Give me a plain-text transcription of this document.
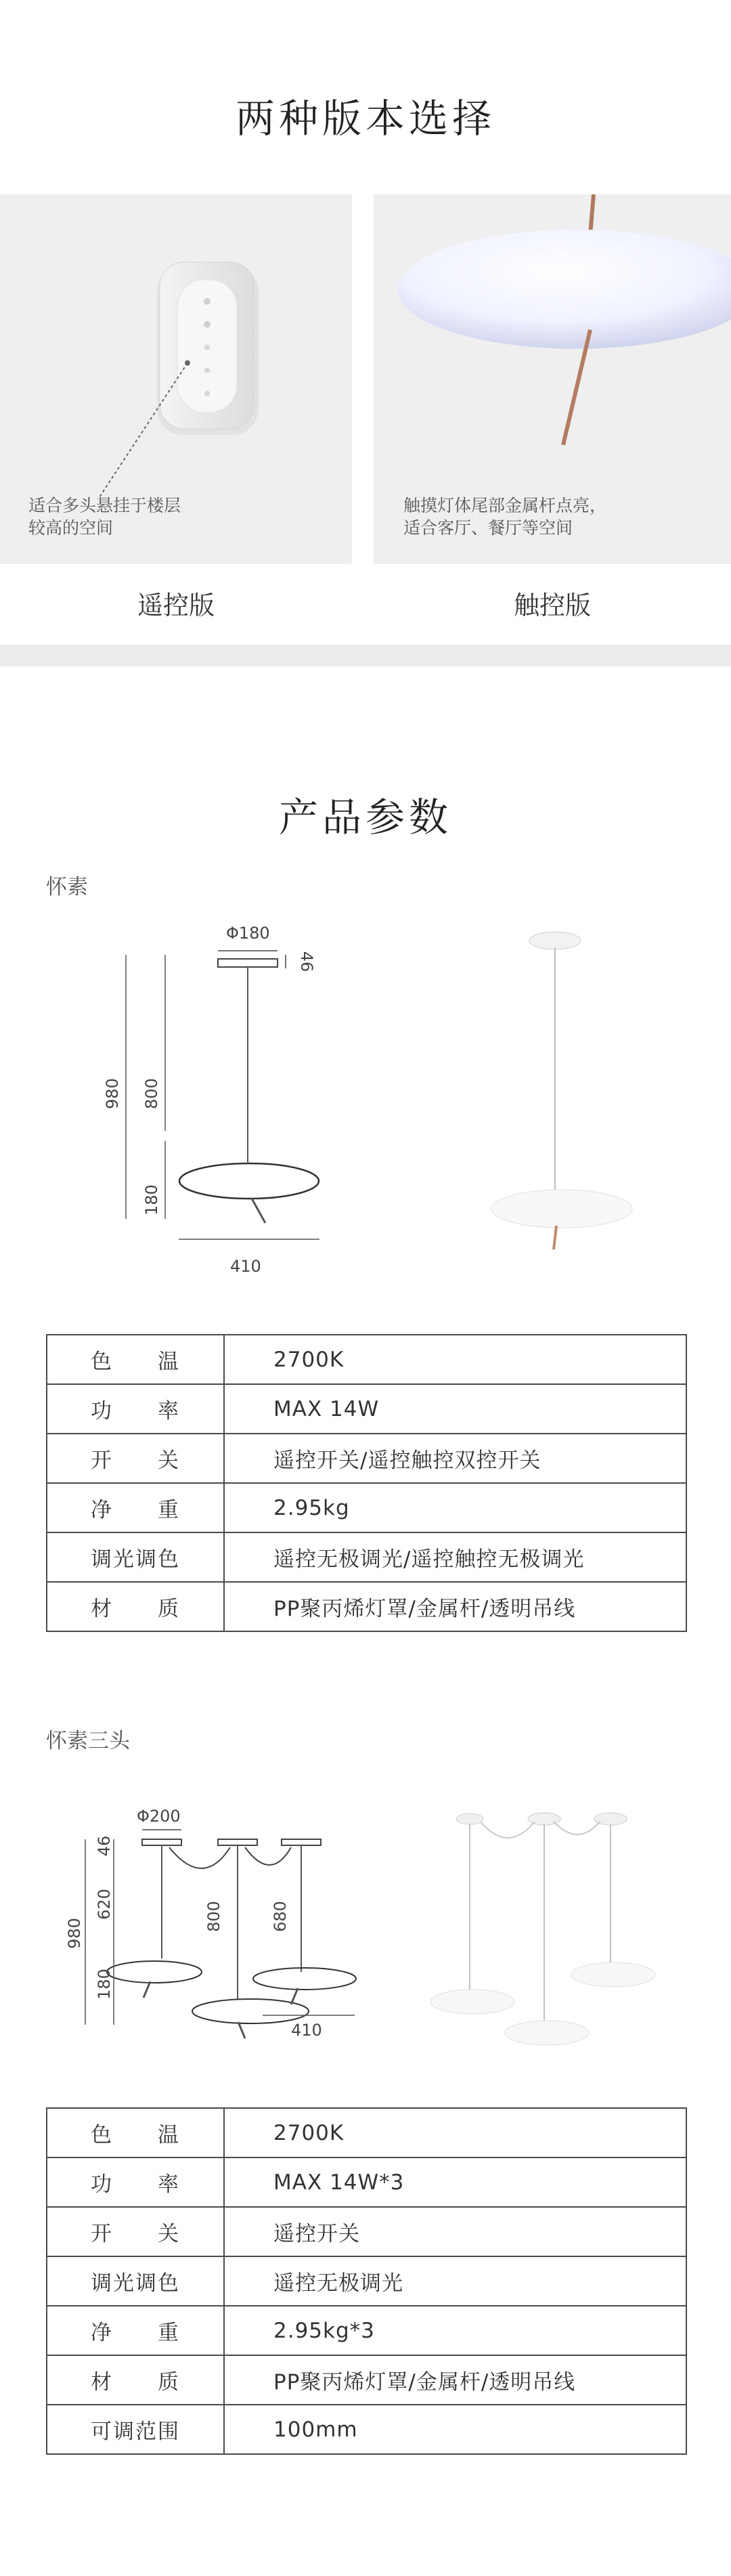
两种版本选择
适合多头悬挂于楼层
较高的空间
遥控版
触摸灯体尾部金属杆点亮，
适合客厅、餐厅等空间
触控版
产品参数
怀素
Φ180
46
980 800
180
410
色　　温	2700K
功　　率	MAX 14W
开　　关	遥控开关/遥控触控双控开关
净　　重	2.95kg
调光调色	遥控无极调光/遥控触控无极调光
材　　质	PP聚丙烯灯罩/金属杆/透明吊线
怀素三头
Φ200
980
46
620
180
800	680
410
色　　温	2700K
功　　率	MAX 14W*3
开　　关	遥控开关
调光调色	遥控无极调光
净　　重	2.95kg*3
材　　质	PP聚丙烯灯罩/金属杆/透明吊线
可调范围	100mm
